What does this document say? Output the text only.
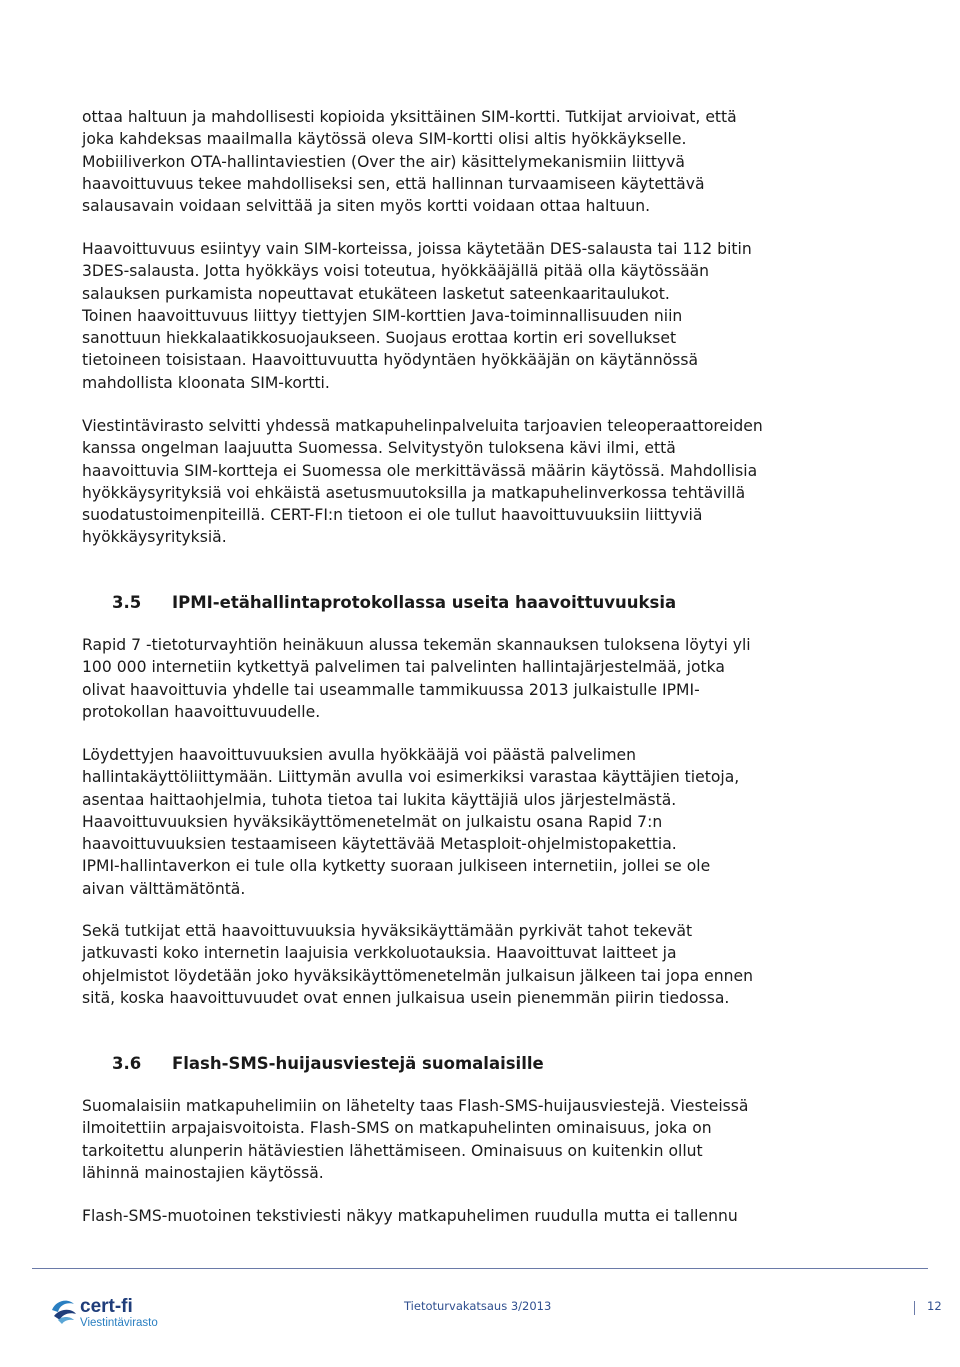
ottaa haltuun ja mahdollisesti kopioida yksittäinen SIM-kortti. Tutkijat arvioivat, että
joka kahdeksas maailmalla käytössä oleva SIM-kortti olisi altis hyökkäykselle.
Mobiiliverkon OTA-hallintaviestien (Over the air) käsittelymekanismiin liittyvä
haavoittuvuus tekee mahdolliseksi sen, että hallinnan turvaamiseen käytettävä
salausavain voidaan selvittää ja siten myös kortti voidaan ottaa haltuun.
Haavoittuvuus esiintyy vain SIM-korteissa, joissa käytetään DES-salausta tai 112 bitin
3DES-salausta. Jotta hyökkäys voisi toteutua, hyökkääjällä pitää olla käytössään
salauksen purkamista nopeuttavat etukäteen lasketut sateenkaaritaulukot.
Toinen haavoittuvuus liittyy tiettyjen SIM-korttien Java-toiminnallisuuden niin
sanottuun hiekkalaatikkosuojaukseen. Suojaus erottaa kortin eri sovellukset
tietoineen toisistaan. Haavoittuvuutta hyödyntäen hyökkääjän on käytännössä
mahdollista kloonata SIM-kortti.
Viestintävirasto selvitti yhdessä matkapuhelinpalveluita tarjoavien teleoperaattoreiden
kanssa ongelman laajuutta Suomessa. Selvitystyön tuloksena kävi ilmi, että
haavoittuvia SIM-kortteja ei Suomessa ole merkittävässä määrin käytössä. Mahdollisia
hyökkäysyrityksiä voi ehkäistä asetusmuutoksilla ja matkapuhelinverkossa tehtävillä
suodatustoimenpiteillä. CERT-FI:n tietoon ei ole tullut haavoittuvuuksiin liittyviä
hyökkäysyrityksiä.
3.5 IPMI-etähallintaprotokollassa useita haavoittuvuuksia
Rapid 7 -tietoturvayhtiön heinäkuun alussa tekemän skannauksen tuloksena löytyi yli
100 000 internetiin kytkettyä palvelimen tai palvelinten hallintajärjestelmää, jotka
olivat haavoittuvia yhdelle tai useammalle tammikuussa 2013 julkaistulle IPMI-
protokollan haavoittuvuudelle.
Löydettyjen haavoittuvuuksien avulla hyökkääjä voi päästä palvelimen
hallintakäyttöliittymään. Liittymän avulla voi esimerkiksi varastaa käyttäjien tietoja,
asentaa haittaohjelmia, tuhota tietoa tai lukita käyttäjiä ulos järjestelmästä.
Haavoittuvuuksien hyväksikäyttömenetelmät on julkaistu osana Rapid 7:n
haavoittuvuuksien testaamiseen käytettävää Metasploit-ohjelmistopakettia.
IPMI-hallintaverkon ei tule olla kytketty suoraan julkiseen internetiin, jollei se ole
aivan välttämätöntä.
Sekä tutkijat että haavoittuvuuksia hyväksikäyttämään pyrkivät tahot tekevät
jatkuvasti koko internetin laajuisia verkkoluotauksia. Haavoittuvat laitteet ja
ohjelmistot löydetään joko hyväksikäyttömenetelmän julkaisun jälkeen tai jopa ennen
sitä, koska haavoittuvuudet ovat ennen julkaisua usein pienemmän piirin tiedossa.
3.6 Flash-SMS-huijausviestejä suomalaisille
Suomalaisiin matkapuhelimiin on lähetelty taas Flash-SMS-huijausviestejä. Viesteissä
ilmoitettiin arpajaisvoitoista. Flash-SMS on matkapuhelinten ominaisuus, joka on
tarkoitettu alunperin hätäviestien lähettämiseen. Ominaisuus on kuitenkin ollut
lähinnä mainostajien käytössä.
Flash-SMS-muotoinen tekstiviesti näkyy matkapuhelimen ruudulla mutta ei tallennu
cert-fi
Viestintävirasto
Tietoturvakatsaus 3/2013	12
